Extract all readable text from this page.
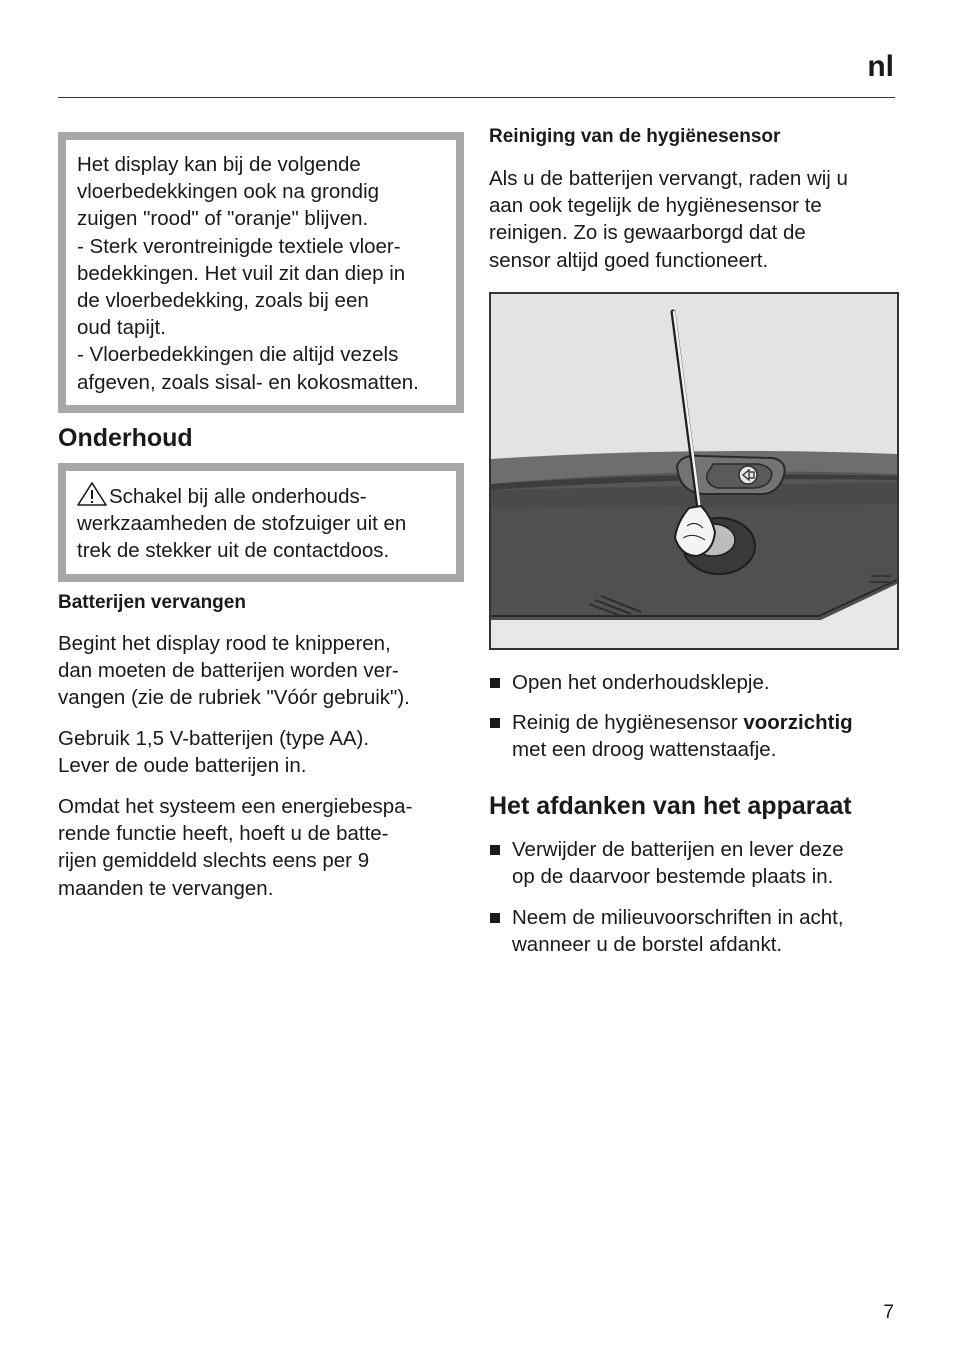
nl

Het display kan bij de volgende

vloerbedekkingen ook na grondig

zuigen "rood" of "oranje" blijven.

- Sterk verontreinigde textiele vloer-

bedekkingen. Het vuil zit dan diep in

de vloerbedekking, zoals bij een

oud tapijt.

- Vloerbedekkingen die altijd vezels

afgeven, zoals sisal- en kokosmatten.

Onderhoud

Schakel bij alle onderhouds-

werkzaamheden de stofzuiger uit en

trek de stekker uit de contactdoos.

Batterijen vervangen

Begint het display rood te knipperen,

dan moeten de batterijen worden ver-

vangen (zie de rubriek "Vóór gebruik").

Gebruik 1,5 V-batterijen (type AA).

Lever de oude batterijen in.

Omdat het systeem een energiebespa-

rende functie heeft, hoeft u de batte-

rijen gemiddeld slechts eens per 9

maanden te vervangen.

Reiniging van de hygiënesensor

Als u de batterijen vervangt, raden wij u

aan ook tegelijk de hygiënesensor te

reinigen. Zo is gewaarborgd dat de

sensor altijd goed functioneert.

Open het onderhoudsklepje.
Reinig de hygiënesensor voorzichtig
met een droog wattenstaafje.
Het afdanken van het apparaat
Verwijder de batterijen en lever deze
op de daarvoor bestemde plaats in.
Neem de milieuvoorschriften in acht,
wanneer u de borstel afdankt.

7
